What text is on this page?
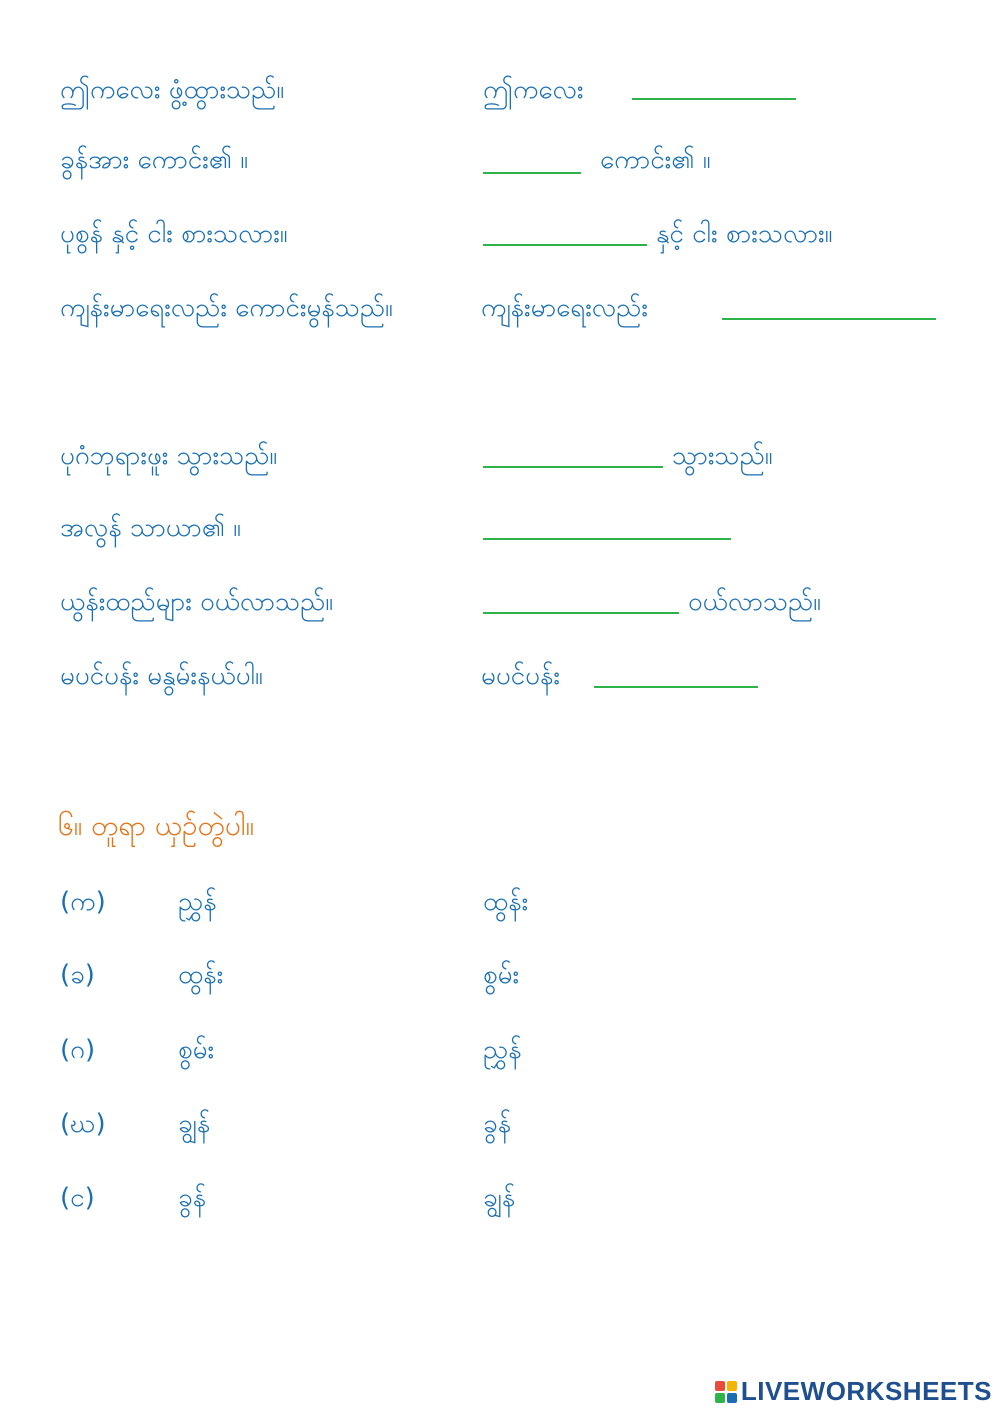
ဤကလေး ဖွံ့ထွားသည်။	ဤကလေး
ခွန်အား ကောင်း၏ ။	ကောင်း၏ ။
ပုစွန် နှင့် ငါး စားသလား။	နှင့် ငါး စားသလား။
ကျန်းမာရေးလည်း ကောင်းမွန်သည်။	ကျန်းမာရေးလည်း
ပုဂံဘုရားဖူး သွားသည်။	သွားသည်။
အလွန် သာယာ၏ ။
ယွန်းထည်များ ဝယ်လာသည်။	ဝယ်လာသည်။
မပင်ပန်း မနွမ်းနယ်ပါ။	မပင်ပန်း
၆။ တူရာ ယှဉ်တွဲပါ။
(က)	ညွှန်	ထွန်း
(ခ)	ထွန်း	စွမ်း
(ဂ)	စွမ်း	ညွှန်
(ဃ)	ချွန်	ခွန်
(င)	ခွန်	ချွန်
LIVEWORKSHEETS
